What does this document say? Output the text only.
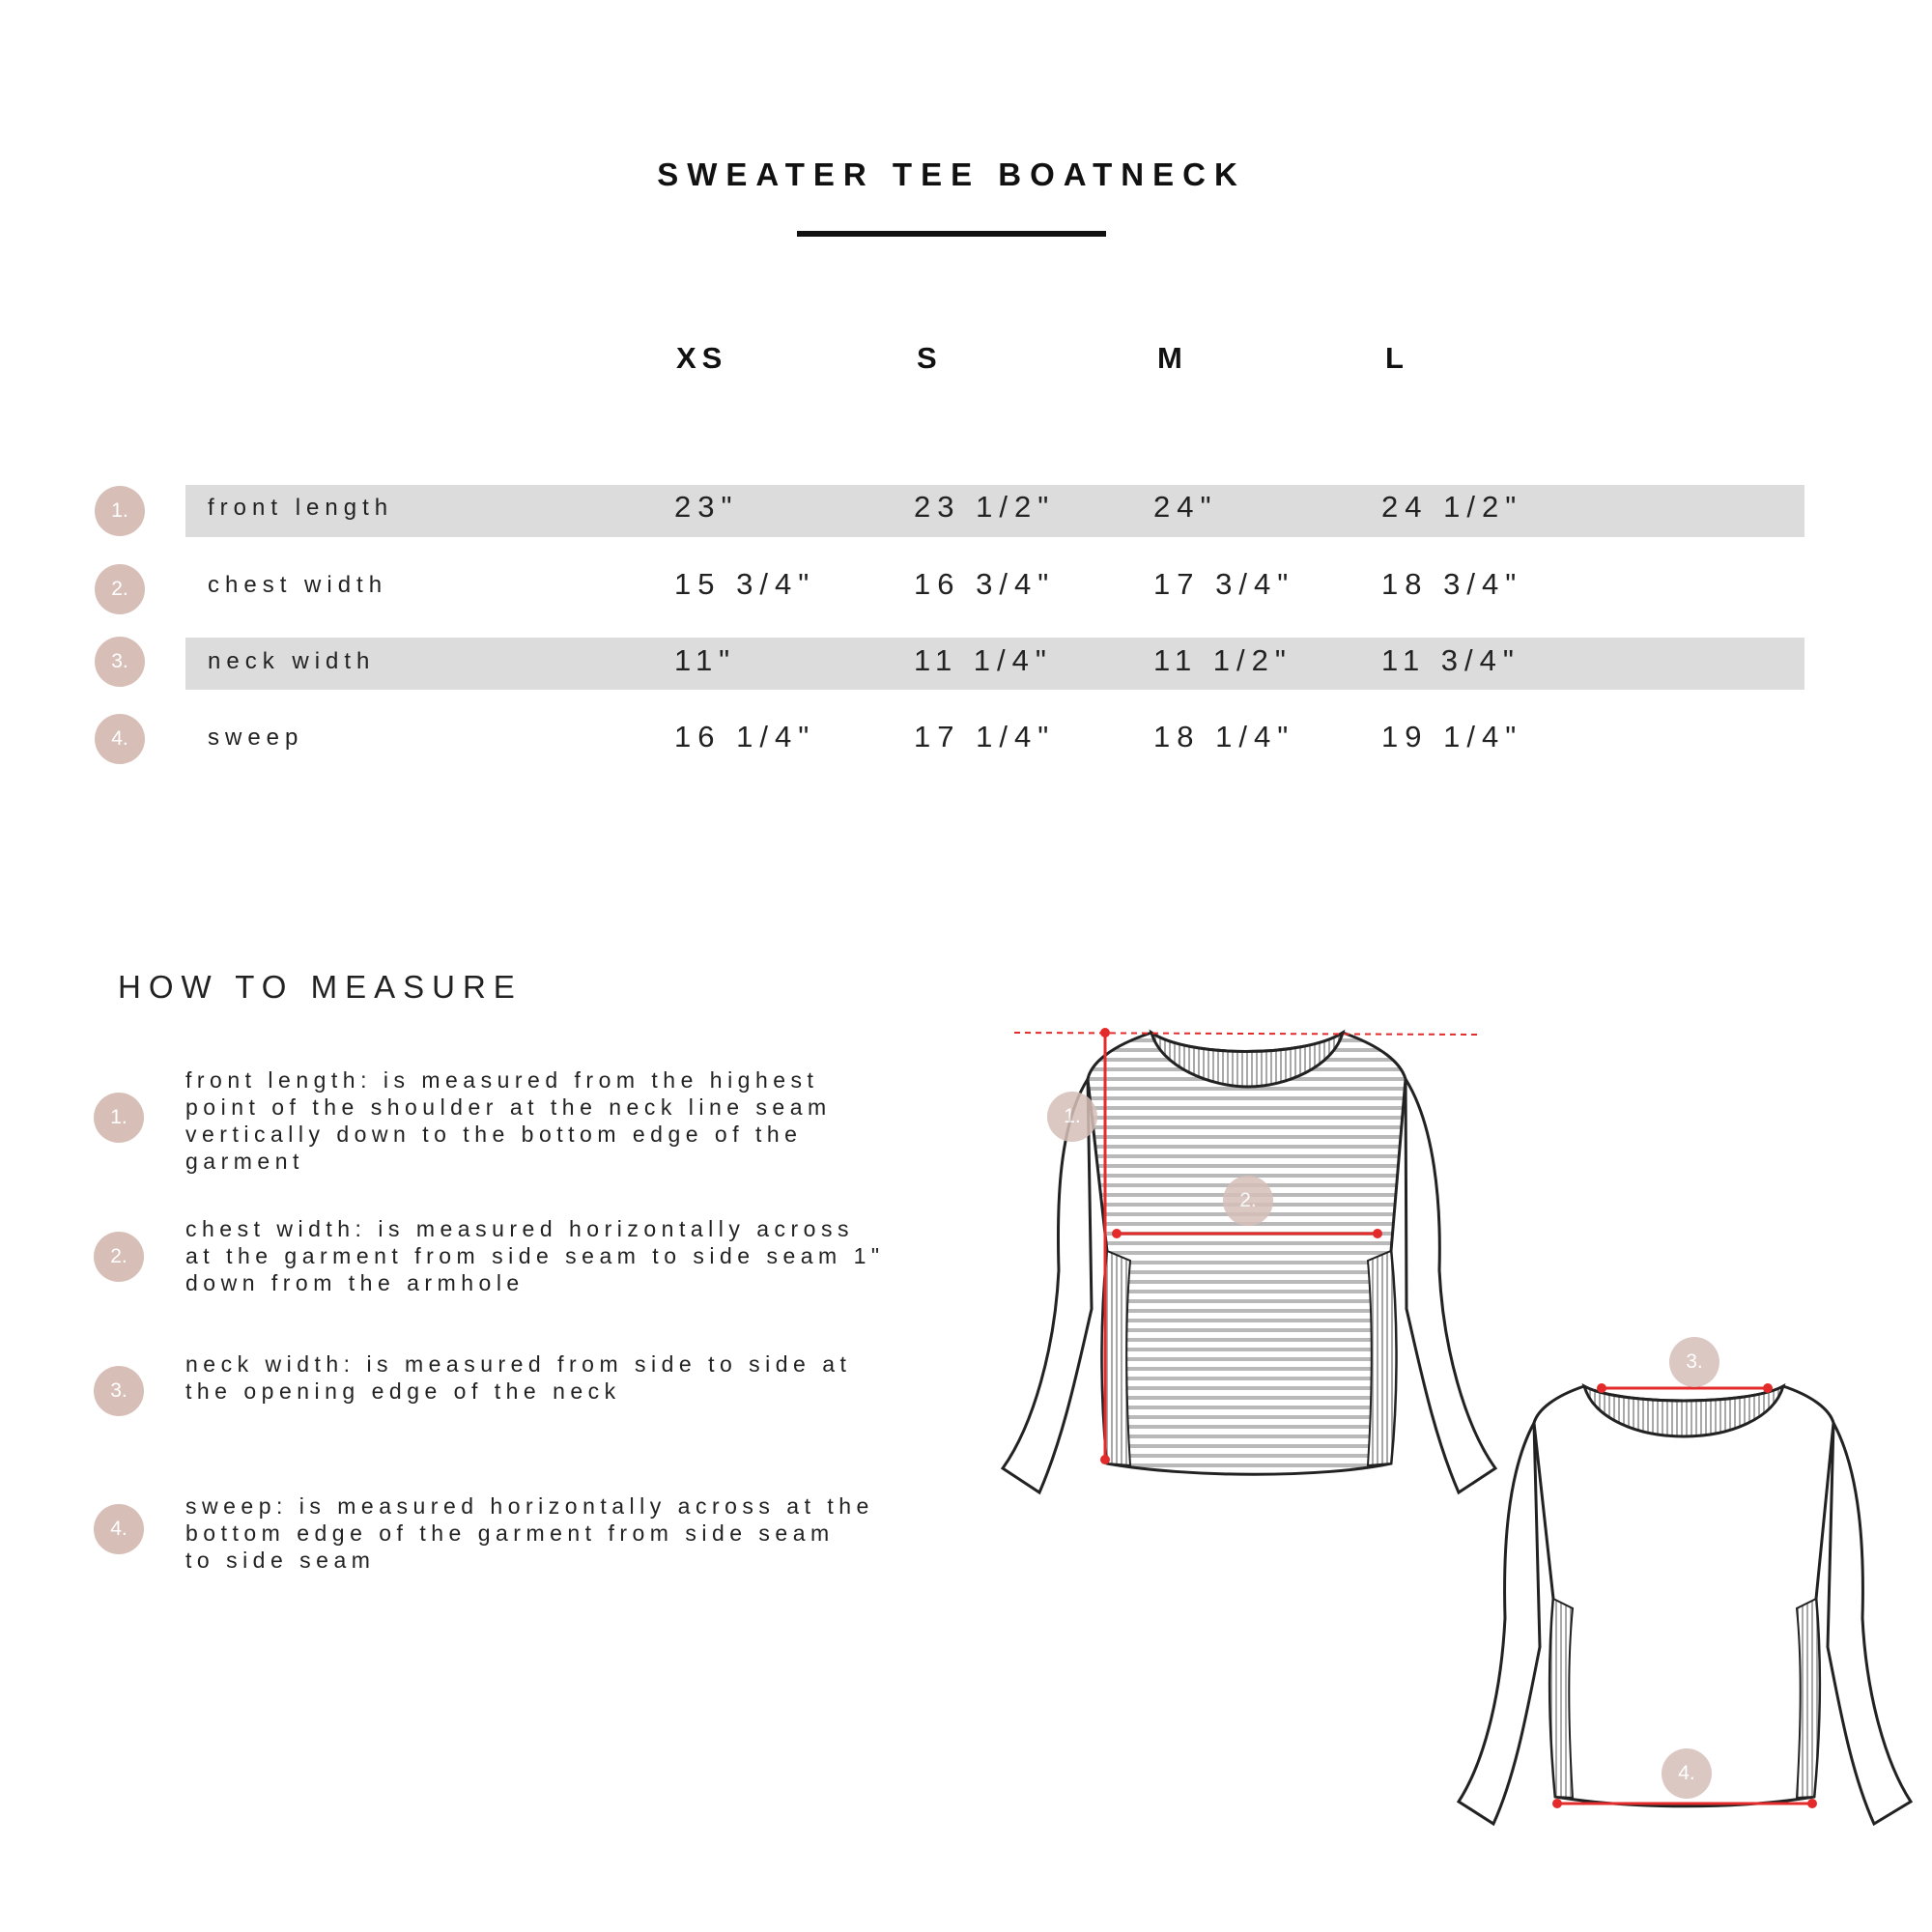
SWEATER TEE BOATNECK
XS	S	M	L
1.	front length	23"	23 1/2"	24"	24 1/2"
2.	chest width	15 3/4"	16 3/4"	17 3/4"	18 3/4"
3.	neck width	11"	11 1/4"	11 1/2"	11 3/4"
4.	sweep	16 1/4"	17 1/4"	18 1/4"	19 1/4"
HOW TO MEASURE
1.
front length: is measured from the highest
point of the shoulder at the neck line seam
vertically down to the bottom edge of the
garment
2.
chest width: is measured horizontally across
at the garment from side seam to side seam 1"
down from the armhole
3.
neck width: is measured from side to side at
the opening edge of the neck
4.
sweep: is measured horizontally across at the
bottom edge of the garment from side seam
to side seam
1.
2.
3.
4.
